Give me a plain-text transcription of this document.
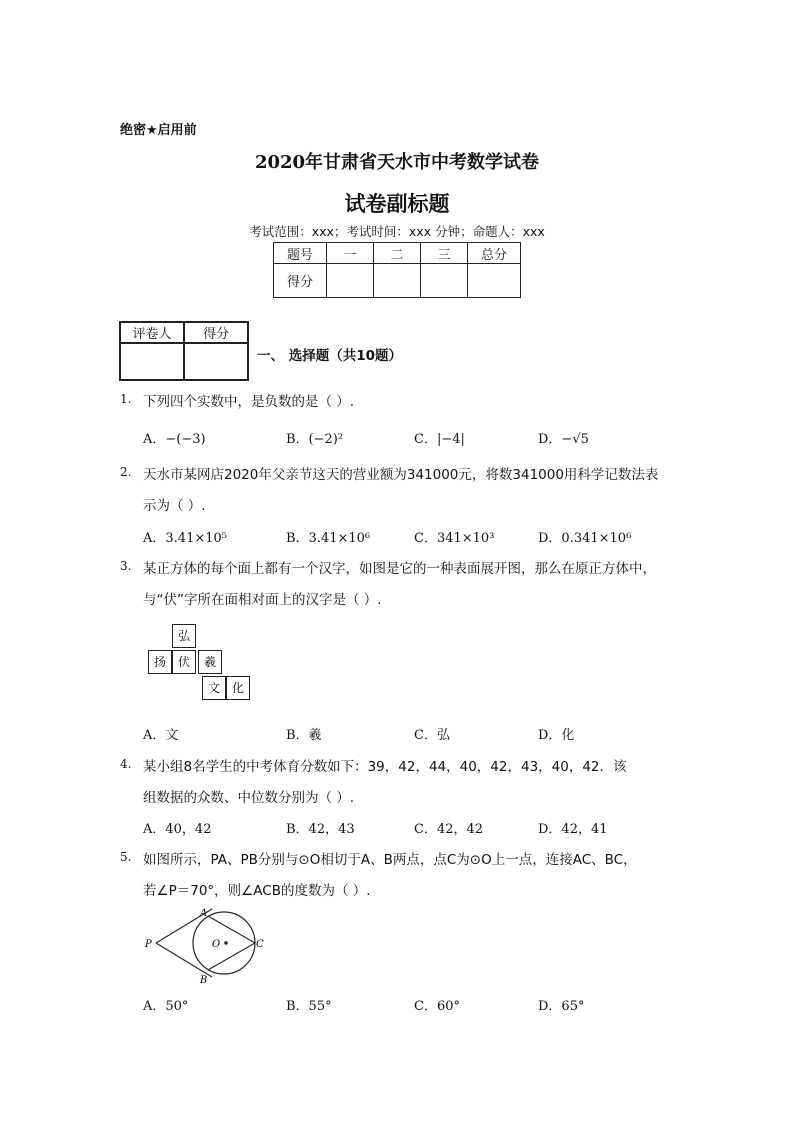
绝密★启用前
2020年甘肃省天水市中考数学试卷
试卷副标题
考试范围：xxx；考试时间：xxx 分钟；命题人：xxx
题号	一	二	三	总分
得分				
评卷人	得分

一、 选择题（共10题）
1. 下列四个实数中，是负数的是（ ）.
A．−(−3)	B．(−2)²	C．|−4|	D．−√5
2. 天水市某网店2020年父亲节这天的营业额为341000元，将数341000用科学记数法表
示为（ ）.
A．3.41×10⁵	B．3.41×10⁶	C．341×10³	D．0.341×10⁶
3. 某正方体的每个面上都有一个汉字，如图是它的一种表面展开图，那么在原正方体中，
与“伏”字所在面相对面上的汉字是（ ）.
弘
扬 伏	羲
文 化
A．文	B．羲	C．弘	D．化
4. 某小组8名学生的中考体育分数如下：39，42，44，40，42，43，40，42．该
组数据的众数、中位数分别为（ ）.
A．40，42	B．42，43	C．42，42	D．42，41
5. 如图所示，PA、PB分别与⊙O相切于A、B两点，点C为⊙O上一点，连接AC、BC，
若∠P＝70°，则∠ACB的度数为（ ）.
A
P	O	C
B
A．50°	B．55°	C．60°	D．65°
